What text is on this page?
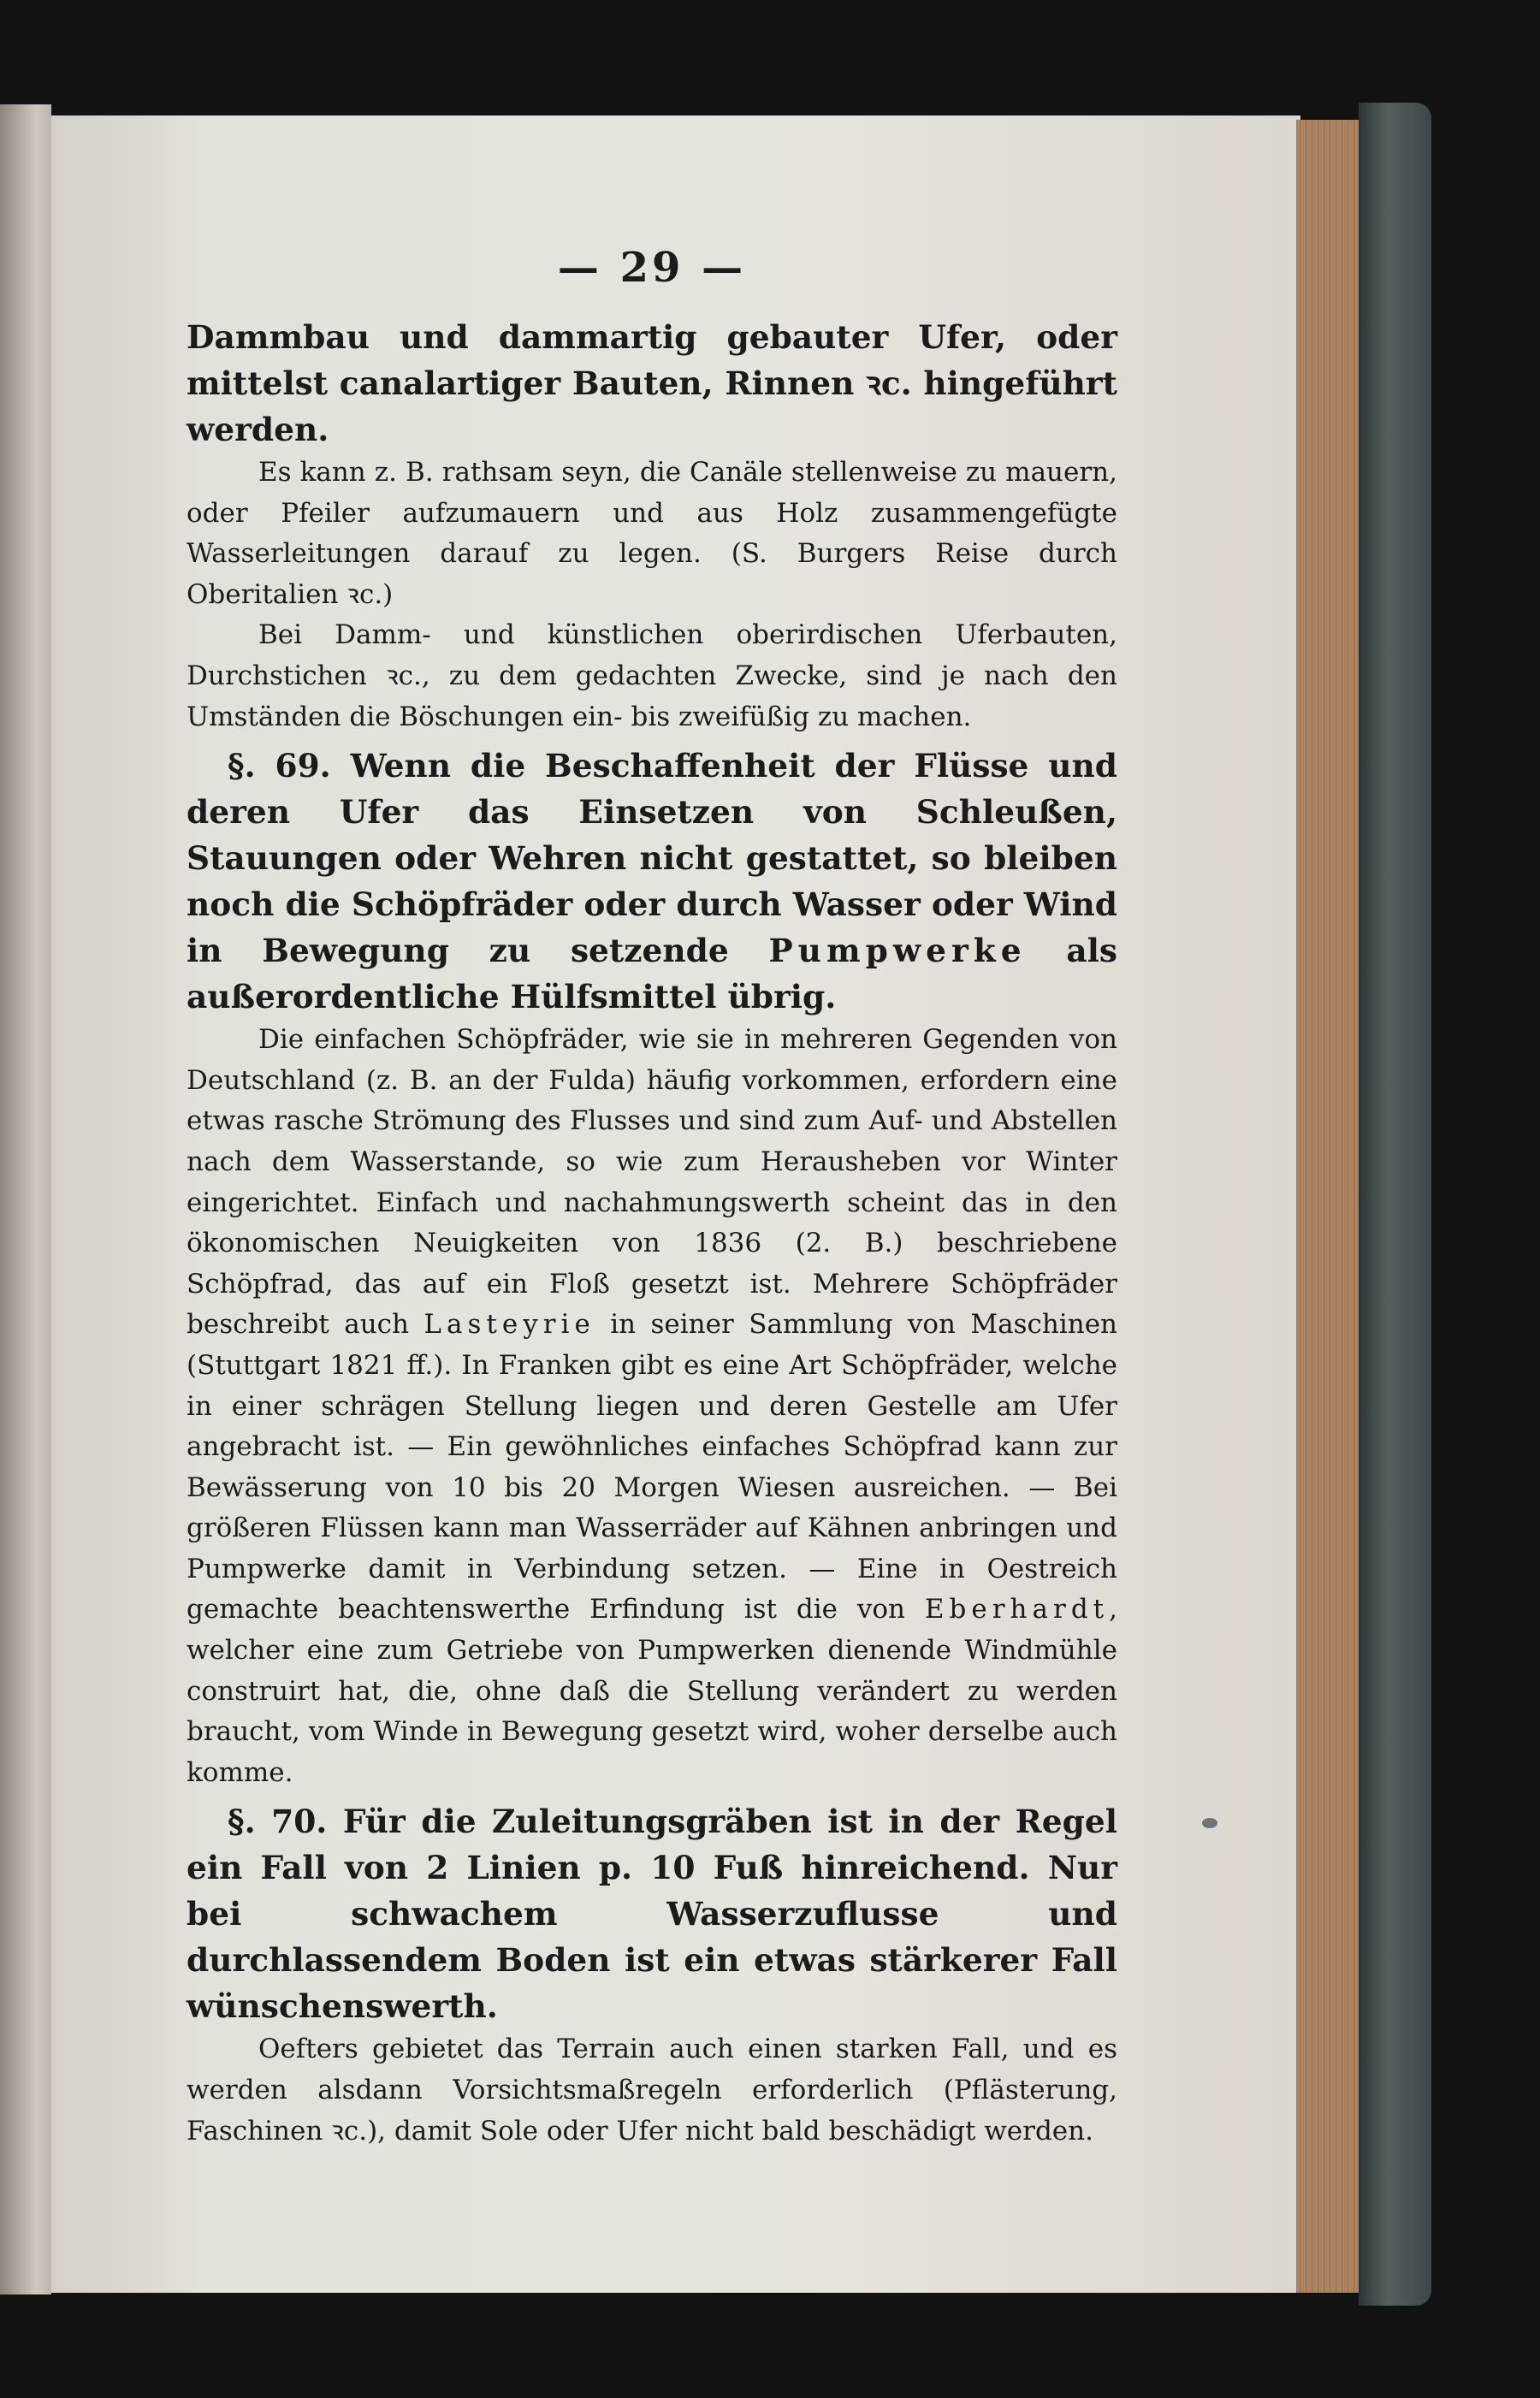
— 29 —

Dammbau und dammartig gebauter Ufer, oder mittelst canalartiger Bauten, Rinnen ꝛc. hingeführt werden.

Es kann z. B. rathsam seyn, die Canäle stellenweise zu mauern, oder Pfeiler aufzumauern und aus Holz zusammengefügte Wasserleitungen darauf zu legen. (S. Burgers Reise durch Oberitalien ꝛc.)

Bei Damm- und künstlichen oberirdischen Uferbauten, Durchstichen ꝛc., zu dem gedachten Zwecke, sind je nach den Umständen die Böschungen ein- bis zweifüßig zu machen.

§. 69. Wenn die Beschaffenheit der Flüsse und deren Ufer das Einsetzen von Schleußen, Stauungen oder Wehren nicht gestattet, so bleiben noch die Schöpfräder oder durch Wasser oder Wind in Bewegung zu setzende Pumpwerke als außerordentliche Hülfsmittel übrig.

Die einfachen Schöpfräder, wie sie in mehreren Gegenden von Deutschland (z. B. an der Fulda) häufig vorkommen, erfordern eine etwas rasche Strömung des Flusses und sind zum Auf- und Abstellen nach dem Wasserstande, so wie zum Herausheben vor Winter eingerichtet. Einfach und nachahmungswerth scheint das in den ökonomischen Neuigkeiten von 1836 (2. B.) beschriebene Schöpfrad, das auf ein Floß gesetzt ist. Mehrere Schöpfräder beschreibt auch Lasteyrie in seiner Sammlung von Maschinen (Stuttgart 1821 ff.). In Franken gibt es eine Art Schöpfräder, welche in einer schrägen Stellung liegen und deren Gestelle am Ufer angebracht ist. — Ein gewöhnliches einfaches Schöpfrad kann zur Bewässerung von 10 bis 20 Morgen Wiesen ausreichen. — Bei größeren Flüssen kann man Wasserräder auf Kähnen anbringen und Pumpwerke damit in Verbindung setzen. — Eine in Oestreich gemachte beachtenswerthe Erfindung ist die von Eberhardt, welcher eine zum Getriebe von Pumpwerken dienende Windmühle construirt hat, die, ohne daß die Stellung verändert zu werden braucht, vom Winde in Bewegung gesetzt wird, woher derselbe auch komme.

§. 70. Für die Zuleitungsgräben ist in der Regel ein Fall von 2 Linien p. 10 Fuß hinreichend. Nur bei schwachem Wasserzuflusse und durchlassendem Boden ist ein etwas stärkerer Fall wünschenswerth.

Oefters gebietet das Terrain auch einen starken Fall, und es werden alsdann Vorsichtsmaßregeln erforderlich (Pflästerung, Faschinen ꝛc.), damit Sole oder Ufer nicht bald beschädigt werden.
